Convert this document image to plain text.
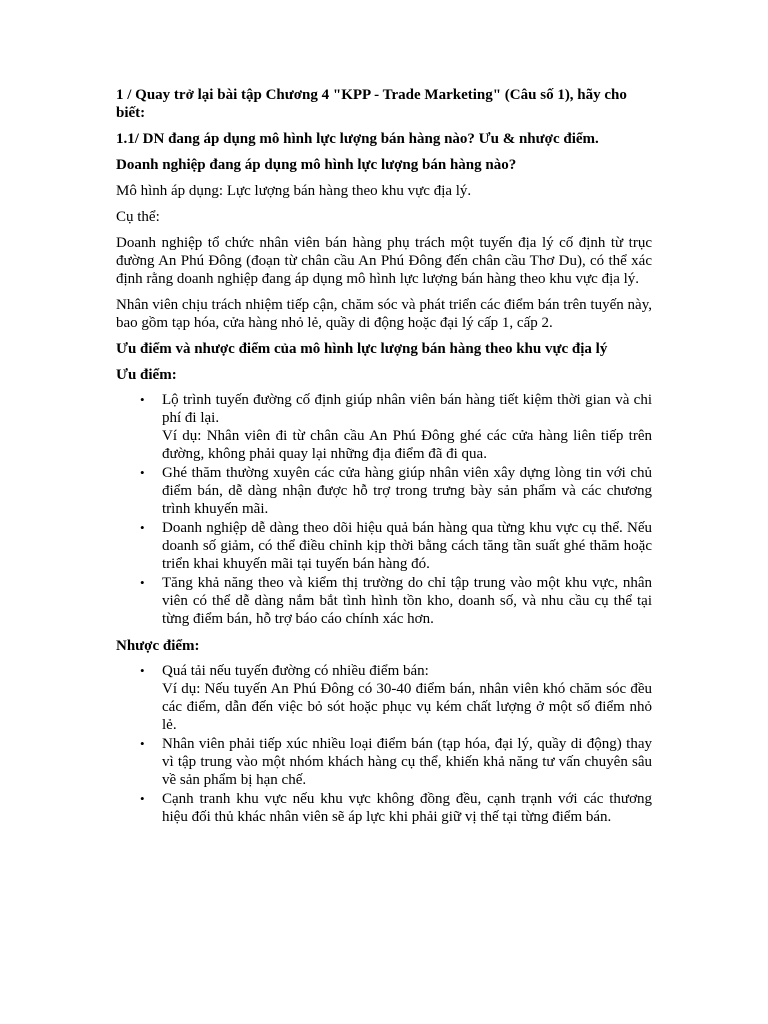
1 / Quay trở lại bài tập Chương 4 "KPP - Trade Marketing" (Câu số 1), hãy cho biết:

1.1/ DN đang áp dụng mô hình lực lượng bán hàng nào? Ưu & nhược điểm.

Doanh nghiệp đang áp dụng mô hình lực lượng bán hàng nào?

Mô hình áp dụng: Lực lượng bán hàng theo khu vực địa lý.

Cụ thể:

Doanh nghiệp tổ chức nhân viên bán hàng phụ trách một tuyến địa lý cố định từ trục đường An Phú Đông (đoạn từ chân cầu An Phú Đông đến chân cầu Thơ Du), có thể xác định rằng doanh nghiệp đang áp dụng mô hình lực lượng bán hàng theo khu vực địa lý.

Nhân viên chịu trách nhiệm tiếp cận, chăm sóc và phát triển các điểm bán trên tuyến này, bao gồm tạp hóa, cửa hàng nhỏ lẻ, quầy di động hoặc đại lý cấp 1, cấp 2.

Ưu điểm và nhược điểm của mô hình lực lượng bán hàng theo khu vực địa lý

Ưu điểm:

• Lộ trình tuyến đường cố định giúp nhân viên bán hàng tiết kiệm thời gian và chi phí đi lại.
Ví dụ: Nhân viên đi từ chân cầu An Phú Đông ghé các cửa hàng liên tiếp trên đường, không phải quay lại những địa điểm đã đi qua.
• Ghé thăm thường xuyên các cửa hàng giúp nhân viên xây dựng lòng tin với chủ điểm bán, dễ dàng nhận được hỗ trợ trong trưng bày sản phẩm và các chương trình khuyến mãi.
• Doanh nghiệp dễ dàng theo dõi hiệu quả bán hàng qua từng khu vực cụ thể. Nếu doanh số giảm, có thể điều chỉnh kịp thời bằng cách tăng tần suất ghé thăm hoặc triển khai khuyến mãi tại tuyến bán hàng đó.
• Tăng khả năng theo và kiểm thị trường do chỉ tập trung vào một khu vực, nhân viên có thể dễ dàng nắm bắt tình hình tồn kho, doanh số, và nhu cầu cụ thể tại từng điểm bán, hỗ trợ báo cáo chính xác hơn.

Nhược điểm:

• Quá tải nếu tuyến đường có nhiều điểm bán:
Ví dụ: Nếu tuyến An Phú Đông có 30-40 điểm bán, nhân viên khó chăm sóc đều các điểm, dẫn đến việc bỏ sót hoặc phục vụ kém chất lượng ở một số điểm nhỏ lẻ.
• Nhân viên phải tiếp xúc nhiều loại điểm bán (tạp hóa, đại lý, quầy di động) thay vì tập trung vào một nhóm khách hàng cụ thể, khiến khả năng tư vấn chuyên sâu về sản phẩm bị hạn chế.
• Cạnh tranh khu vực nếu khu vực không đồng đều, cạnh trạnh với các thương hiệu đối thủ khác nhân viên sẽ áp lực khi phải giữ vị thế tại từng điểm bán.
